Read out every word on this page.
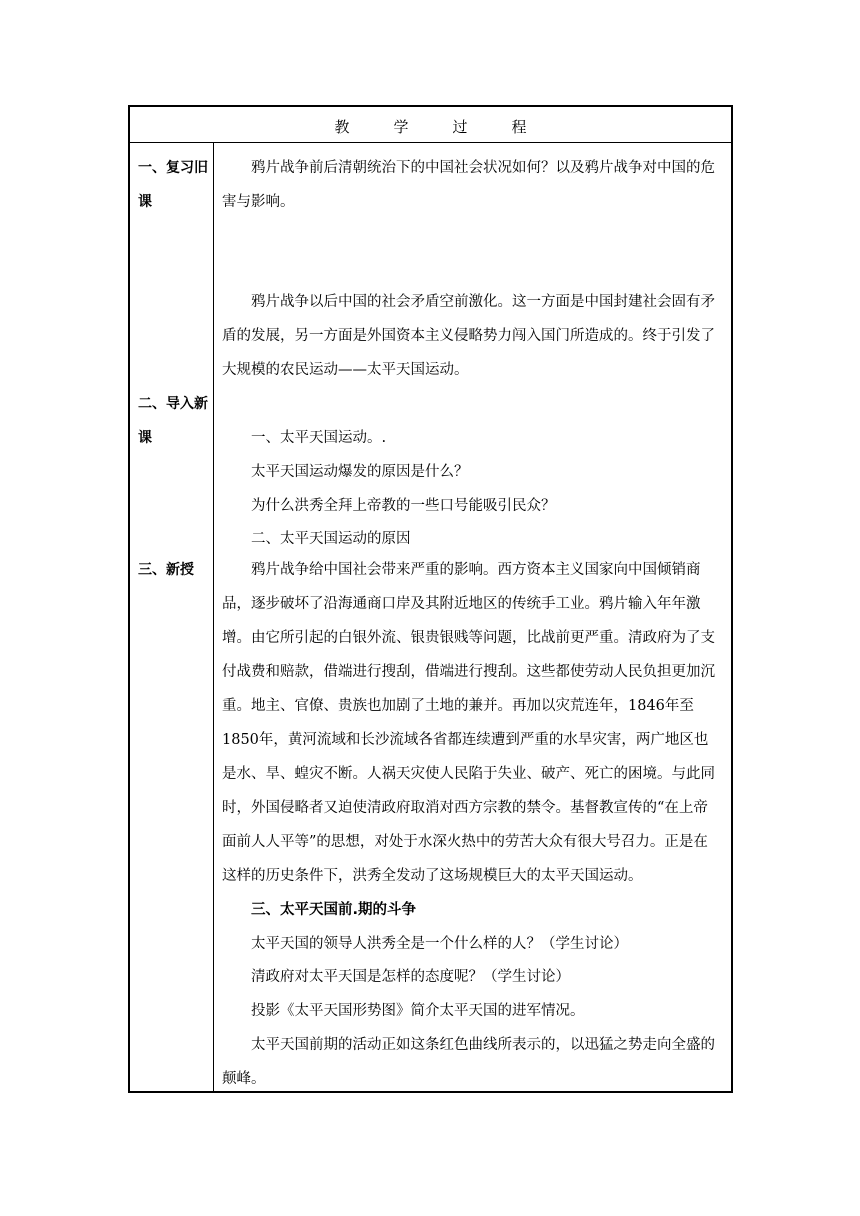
教学过程
一、复习旧课
二、导入新课
三、新授

鸦片战争前后清朝统治下的中国社会状况如何？以及鸦片战争对中国的危害与影响。

鸦片战争以后中国的社会矛盾空前激化。这一方面是中国封建社会固有矛盾的发展，另一方面是外国资本主义侵略势力闯入国门所造成的。终于引发了大规模的农民运动——太平天国运动。

一、太平天国运动。.

太平天国运动爆发的原因是什么？

为什么洪秀全拜上帝教的一些口号能吸引民众？

二、太平天国运动的原因

鸦片战争给中国社会带来严重的影响。西方资本主义国家向中国倾销商品，逐步破坏了沿海通商口岸及其附近地区的传统手工业。鸦片输入年年激增。由它所引起的白银外流、银贵银贱等问题，比战前更严重。清政府为了支付战费和赔款，借端进行搜刮，借端进行搜刮。这些都使劳动人民负担更加沉重。地主、官僚、贵族也加剧了土地的兼并。再加以灾荒连年，1846年至1850年，黄河流域和长沙流域各省都连续遭到严重的水旱灾害，两广地区也是水、旱、蝗灾不断。人祸天灾使人民陷于失业、破产、死亡的困境。与此同时，外国侵略者又迫使清政府取消对西方宗教的禁令。基督教宣传的“在上帝面前人人平等”的思想，对处于水深火热中的劳苦大众有很大号召力。正是在这样的历史条件下，洪秀全发动了这场规模巨大的太平天国运动。

三、太平天国前.期的斗争

太平天国的领导人洪秀全是一个什么样的人？（学生讨论）

清政府对太平天国是怎样的态度呢？（学生讨论）

投影《太平天国形势图》简介太平天国的进军情况。

太平天国前期的活动正如这条红色曲线所表示的，以迅猛之势走向全盛的颠峰。
